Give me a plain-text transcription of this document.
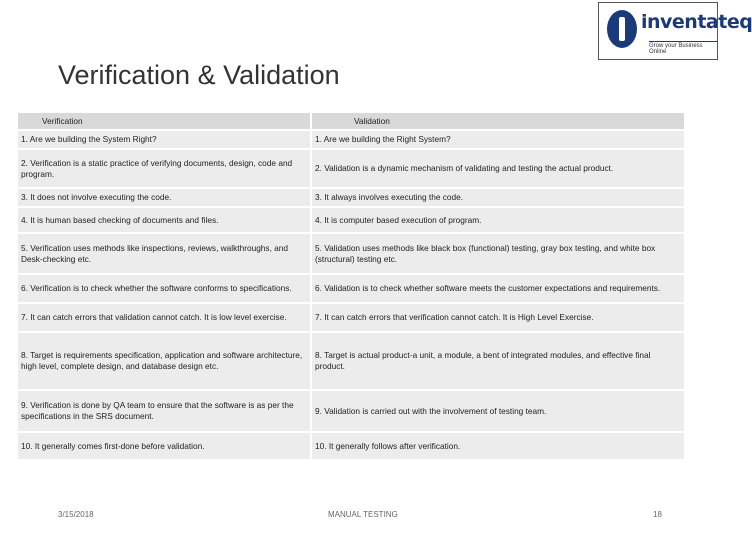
inventateq
Grow your Business Online
Verification & Validation
Verification	Validation
1. Are we building the System Right?	1. Are we building the Right System?
2. Verification is a static practice of verifying documents, design, code and program.	2. Validation is a dynamic mechanism of validating and testing the actual product.
3. It does not involve executing the code.	3. It always involves executing the code.
4. It is human based checking of documents and files.	4. It is computer based execution of program.
5. Verification uses methods like inspections, reviews, walkthroughs, and Desk-checking etc.	5. Validation uses methods like black box (functional) testing, gray box testing, and white box (structural) testing etc.
6. Verification is to check whether the software conforms to specifications.	6. Validation is to check whether software meets the customer expectations and requirements.
7. It can catch errors that validation cannot catch. It is low level exercise.	7. It can catch errors that verification cannot catch. It is High Level Exercise.
8. Target is requirements specification, application and software architecture, high level, complete design, and database design etc.	8. Target is actual product-a unit, a module, a bent of integrated modules, and effective final product.
9. Verification is done by QA team to ensure that the software is as per the specifications in the SRS document.	9. Validation is carried out with the involvement of testing team.
10. It generally comes first-done before validation.	10. It generally follows after verification.
3/15/2018	MANUAL TESTING	18
